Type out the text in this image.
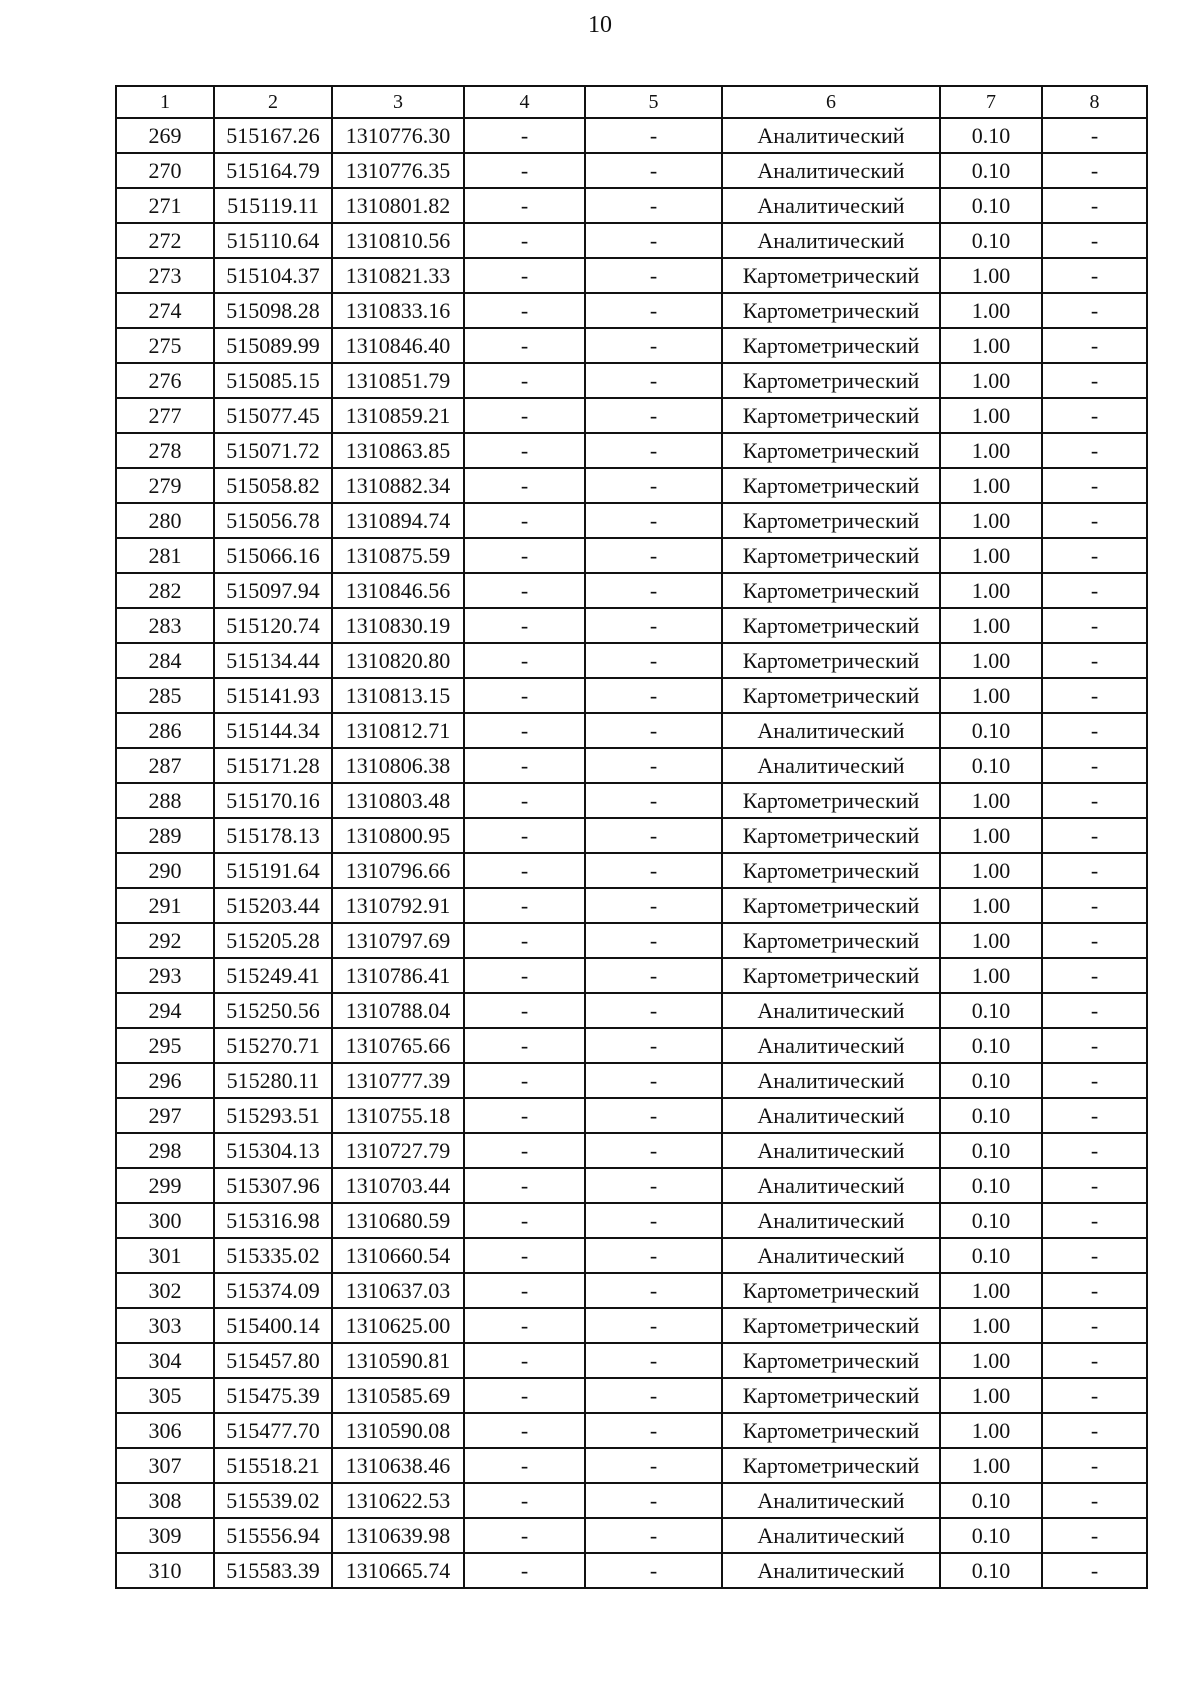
10
1	2	3	4	5	6	7	8
269	515167.26	1310776.30	-	-	Аналитический	0.10	-
270	515164.79	1310776.35	-	-	Аналитический	0.10	-
271	515119.11	1310801.82	-	-	Аналитический	0.10	-
272	515110.64	1310810.56	-	-	Аналитический	0.10	-
273	515104.37	1310821.33	-	-	Картометрический	1.00	-
274	515098.28	1310833.16	-	-	Картометрический	1.00	-
275	515089.99	1310846.40	-	-	Картометрический	1.00	-
276	515085.15	1310851.79	-	-	Картометрический	1.00	-
277	515077.45	1310859.21	-	-	Картометрический	1.00	-
278	515071.72	1310863.85	-	-	Картометрический	1.00	-
279	515058.82	1310882.34	-	-	Картометрический	1.00	-
280	515056.78	1310894.74	-	-	Картометрический	1.00	-
281	515066.16	1310875.59	-	-	Картометрический	1.00	-
282	515097.94	1310846.56	-	-	Картометрический	1.00	-
283	515120.74	1310830.19	-	-	Картометрический	1.00	-
284	515134.44	1310820.80	-	-	Картометрический	1.00	-
285	515141.93	1310813.15	-	-	Картометрический	1.00	-
286	515144.34	1310812.71	-	-	Аналитический	0.10	-
287	515171.28	1310806.38	-	-	Аналитический	0.10	-
288	515170.16	1310803.48	-	-	Картометрический	1.00	-
289	515178.13	1310800.95	-	-	Картометрический	1.00	-
290	515191.64	1310796.66	-	-	Картометрический	1.00	-
291	515203.44	1310792.91	-	-	Картометрический	1.00	-
292	515205.28	1310797.69	-	-	Картометрический	1.00	-
293	515249.41	1310786.41	-	-	Картометрический	1.00	-
294	515250.56	1310788.04	-	-	Аналитический	0.10	-
295	515270.71	1310765.66	-	-	Аналитический	0.10	-
296	515280.11	1310777.39	-	-	Аналитический	0.10	-
297	515293.51	1310755.18	-	-	Аналитический	0.10	-
298	515304.13	1310727.79	-	-	Аналитический	0.10	-
299	515307.96	1310703.44	-	-	Аналитический	0.10	-
300	515316.98	1310680.59	-	-	Аналитический	0.10	-
301	515335.02	1310660.54	-	-	Аналитический	0.10	-
302	515374.09	1310637.03	-	-	Картометрический	1.00	-
303	515400.14	1310625.00	-	-	Картометрический	1.00	-
304	515457.80	1310590.81	-	-	Картометрический	1.00	-
305	515475.39	1310585.69	-	-	Картометрический	1.00	-
306	515477.70	1310590.08	-	-	Картометрический	1.00	-
307	515518.21	1310638.46	-	-	Картометрический	1.00	-
308	515539.02	1310622.53	-	-	Аналитический	0.10	-
309	515556.94	1310639.98	-	-	Аналитический	0.10	-
310	515583.39	1310665.74	-	-	Аналитический	0.10	-
